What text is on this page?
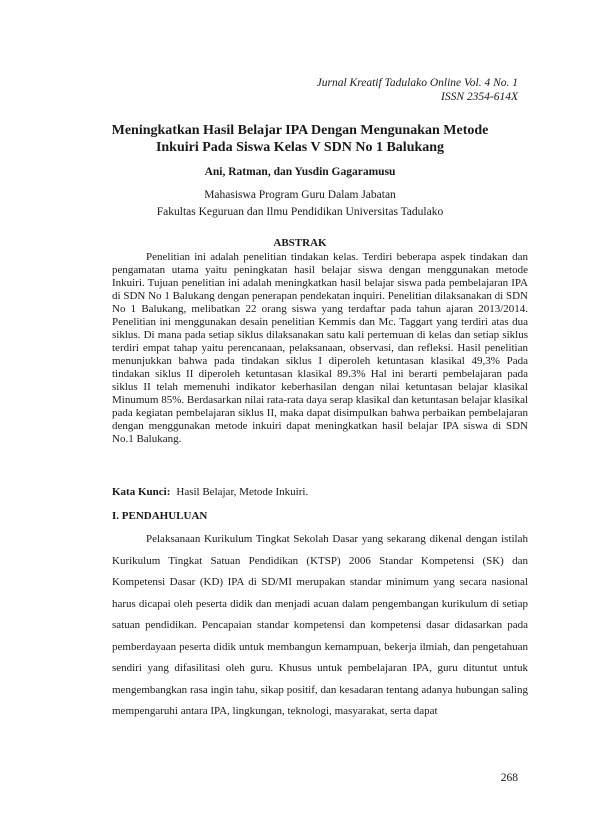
Jurnal Kreatif Tadulako Online Vol. 4 No. 1
ISSN 2354-614X
Meningkatkan Hasil Belajar IPA Dengan Mengunakan Metode
Inkuiri Pada Siswa Kelas V SDN No 1 Balukang
Ani, Ratman, dan Yusdin Gagaramusu
Mahasiswa Program Guru Dalam Jabatan
Fakultas Keguruan dan Ilmu Pendidikan Universitas Tadulako
ABSTRAK

Penelitian ini adalah penelitian tindakan kelas. Terdiri beberapa aspek tindakan dan pengamatan utama yaitu peningkatan hasil belajar siswa dengan menggunakan metode Inkuiri. Tujuan penelitian ini adalah meningkatkan hasil belajar siswa pada pembelajaran IPA di SDN No 1 Balukang dengan penerapan pendekatan inquiri. Penelitian dilaksanakan di SDN No 1 Balukang, melibatkan 22 orang siswa yang terdaftar pada tahun ajaran 2013/2014. Penelitian ini menggunakan desain penelitian Kemmis dan Mc. Taggart yang terdiri atas dua siklus. Di mana pada setiap siklus dilaksanakan satu kali pertemuan di kelas dan setiap siklus terdiri empat tahap yaitu perencanaan, pelaksanaan, observasi, dan refleksi. Hasil penelitian menunjukkan bahwa pada tindakan siklus I diperoleh ketuntasan klasikal 49,3% Pada tindakan siklus II diperoleh ketuntasan klasikal 89.3% Hal ini berarti pembelajaran pada siklus II telah memenuhi indikator keberhasilan dengan nilai ketuntasan belajar klasikal Minumum 85%. Berdasarkan nilai rata-rata daya serap klasikal dan ketuntasan belajar klasikal pada kegiatan pembelajaran siklus II, maka dapat disimpulkan bahwa perbaikan pembelajaran dengan menggunakan metode inkuiri dapat meningkatkan hasil belajar IPA siswa di SDN No.1 Balukang.

Kata Kunci: Hasil Belajar, Metode Inkuiri.
I. PENDAHULUAN

Pelaksanaan Kurikulum Tingkat Sekolah Dasar yang sekarang dikenal dengan istilah Kurikulum Tingkat Satuan Pendidikan (KTSP) 2006 Standar Kompetensi (SK) dan Kompetensi Dasar (KD) IPA di SD/MI merupakan standar minimum yang secara nasional harus dicapai oleh peserta didik dan menjadi acuan dalam pengembangan kurikulum di setiap satuan pendidikan. Pencapaian standar kompetensi dan kompetensi dasar didasarkan pada pemberdayaan peserta didik untuk membangun kemampuan, bekerja ilmiah, dan pengetahuan sendiri yang difasilitasi oleh guru. Khusus untuk pembelajaran IPA, guru dituntut untuk mengembangkan rasa ingin tahu, sikap positif, dan kesadaran tentang adanya hubungan saling mempengaruhi antara IPA, lingkungan, teknologi, masyarakat, serta dapat

268
